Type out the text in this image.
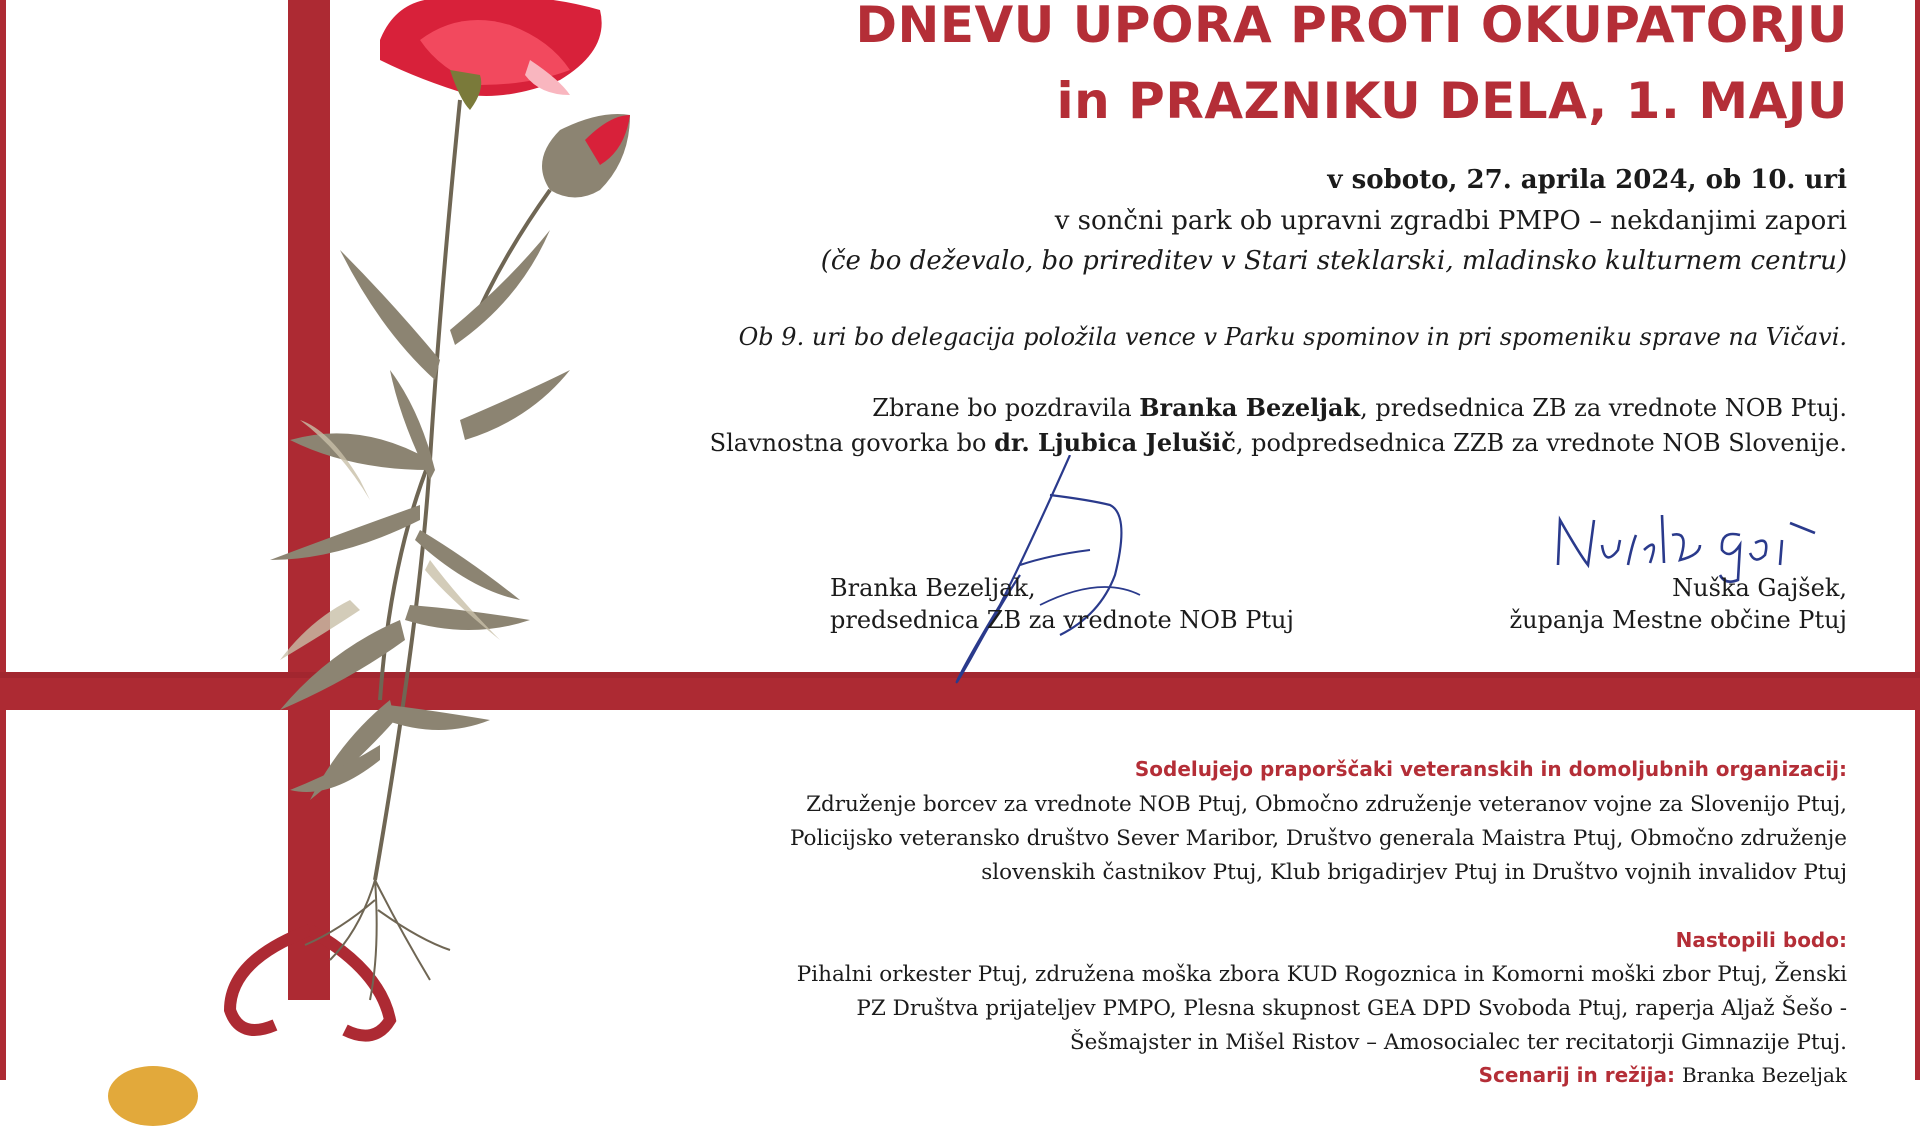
DNEVU UPORA PROTI OKUPATORJU
in PRAZNIKU DELA, 1. MAJU
v soboto, 27. aprila 2024, ob 10. uri
v sončni park ob upravni zgradbi PMPO – nekdanjimi zapori
(če bo deževalo, bo prireditev v Stari steklarski, mladinsko kulturnem centru)
Ob 9. uri bo delegacija položila vence v Parku spominov in pri spomeniku sprave na Vičavi.
Zbrane bo pozdravila Branka Bezeljak, predsednica ZB za vrednote NOB Ptuj.
Slavnostna govorka bo dr. Ljubica Jelušič, podpredsednica ZZB za vrednote NOB Slovenije.
Branka Bezeljak,
predsednica ZB za vrednote NOB Ptuj
Nuška Gajšek,
županja Mestne občine Ptuj
Sodelujejo praporščaki veteranskih in domoljubnih organizacij:
Združenje borcev za vrednote NOB Ptuj, Območno združenje veteranov vojne za Slovenijo Ptuj,
Policijsko veteransko društvo Sever Maribor, Društvo generala Maistra Ptuj, Območno združenje
slovenskih častnikov Ptuj, Klub brigadirjev Ptuj in Društvo vojnih invalidov Ptuj
Nastopili bodo:
Pihalni orkester Ptuj, združena moška zbora KUD Rogoznica in Komorni moški zbor Ptuj, Ženski
PZ Društva prijateljev PMPO, Plesna skupnost GEA DPD Svoboda Ptuj, raperja Aljaž Šešo -
Šešmajster in Mišel Ristov – Amosocialec ter recitatorji Gimnazije Ptuj.
Scenarij in režija: Branka Bezeljak
